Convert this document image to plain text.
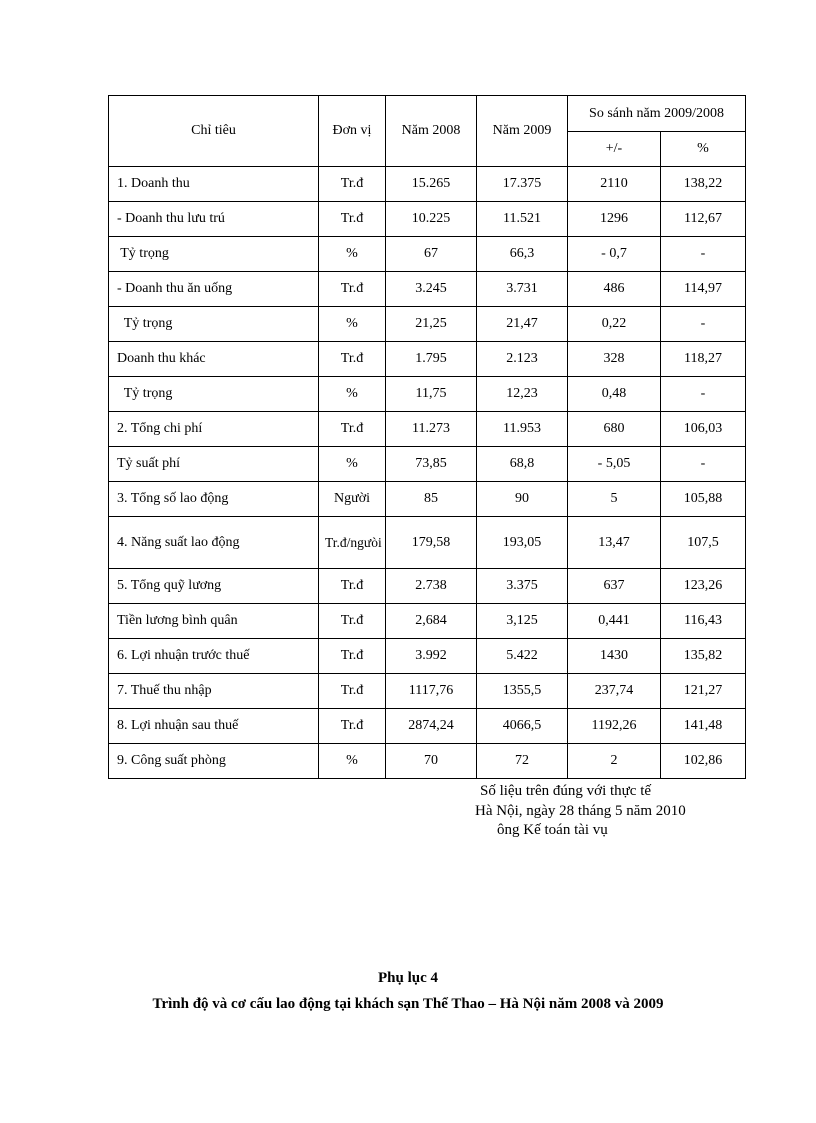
Chỉ tiêu	Đơn vị	Năm 2008	Năm 2009	So sánh năm 2009/2008	
				+/-	%
1. Doanh thu	Tr.đ	15.265	17.375	2110	138,22
- Doanh thu lưu trú	Tr.đ	10.225	11.521	1296	112,67
Tỷ trọng	%	67	66,3	- 0,7	-
- Doanh thu ăn uống	Tr.đ	3.245	3.731	486	114,97
Tỷ trọng	%	21,25	21,47	0,22	-
Doanh thu khác	Tr.đ	1.795	2.123	328	118,27
Tỷ trọng	%	11,75	12,23	0,48	-
2. Tổng chi phí	Tr.đ	11.273	11.953	680	106,03
Tỷ suất phí	%	73,85	68,8	- 5,05	-
3. Tổng số lao động	Người	85	90	5	105,88
4. Năng suất lao động	Tr.đ/ngưòi	179,58	193,05	13,47	107,5
5. Tổng quỹ lương	Tr.đ	2.738	3.375	637	123,26
Tiền lương bình quân	Tr.đ	2,684	3,125	0,441	116,43
6. Lợi nhuận trước thuế	Tr.đ	3.992	5.422	1430	135,82
7. Thuế thu nhập	Tr.đ	1117,76	1355,5	237,74	121,27
8. Lợi nhuận sau thuế	Tr.đ	2874,24	4066,5	1192,26	141,48
9. Công suất phòng	%	70	72	2	102,86
Số liệu trên đúng với thực tế
Hà Nội, ngày 28 tháng 5 năm 2010
ông Kế toán tài vụ
Phụ lục 4
Trình độ và cơ cấu lao động tại khách sạn Thể Thao – Hà Nội năm 2008 và 2009
